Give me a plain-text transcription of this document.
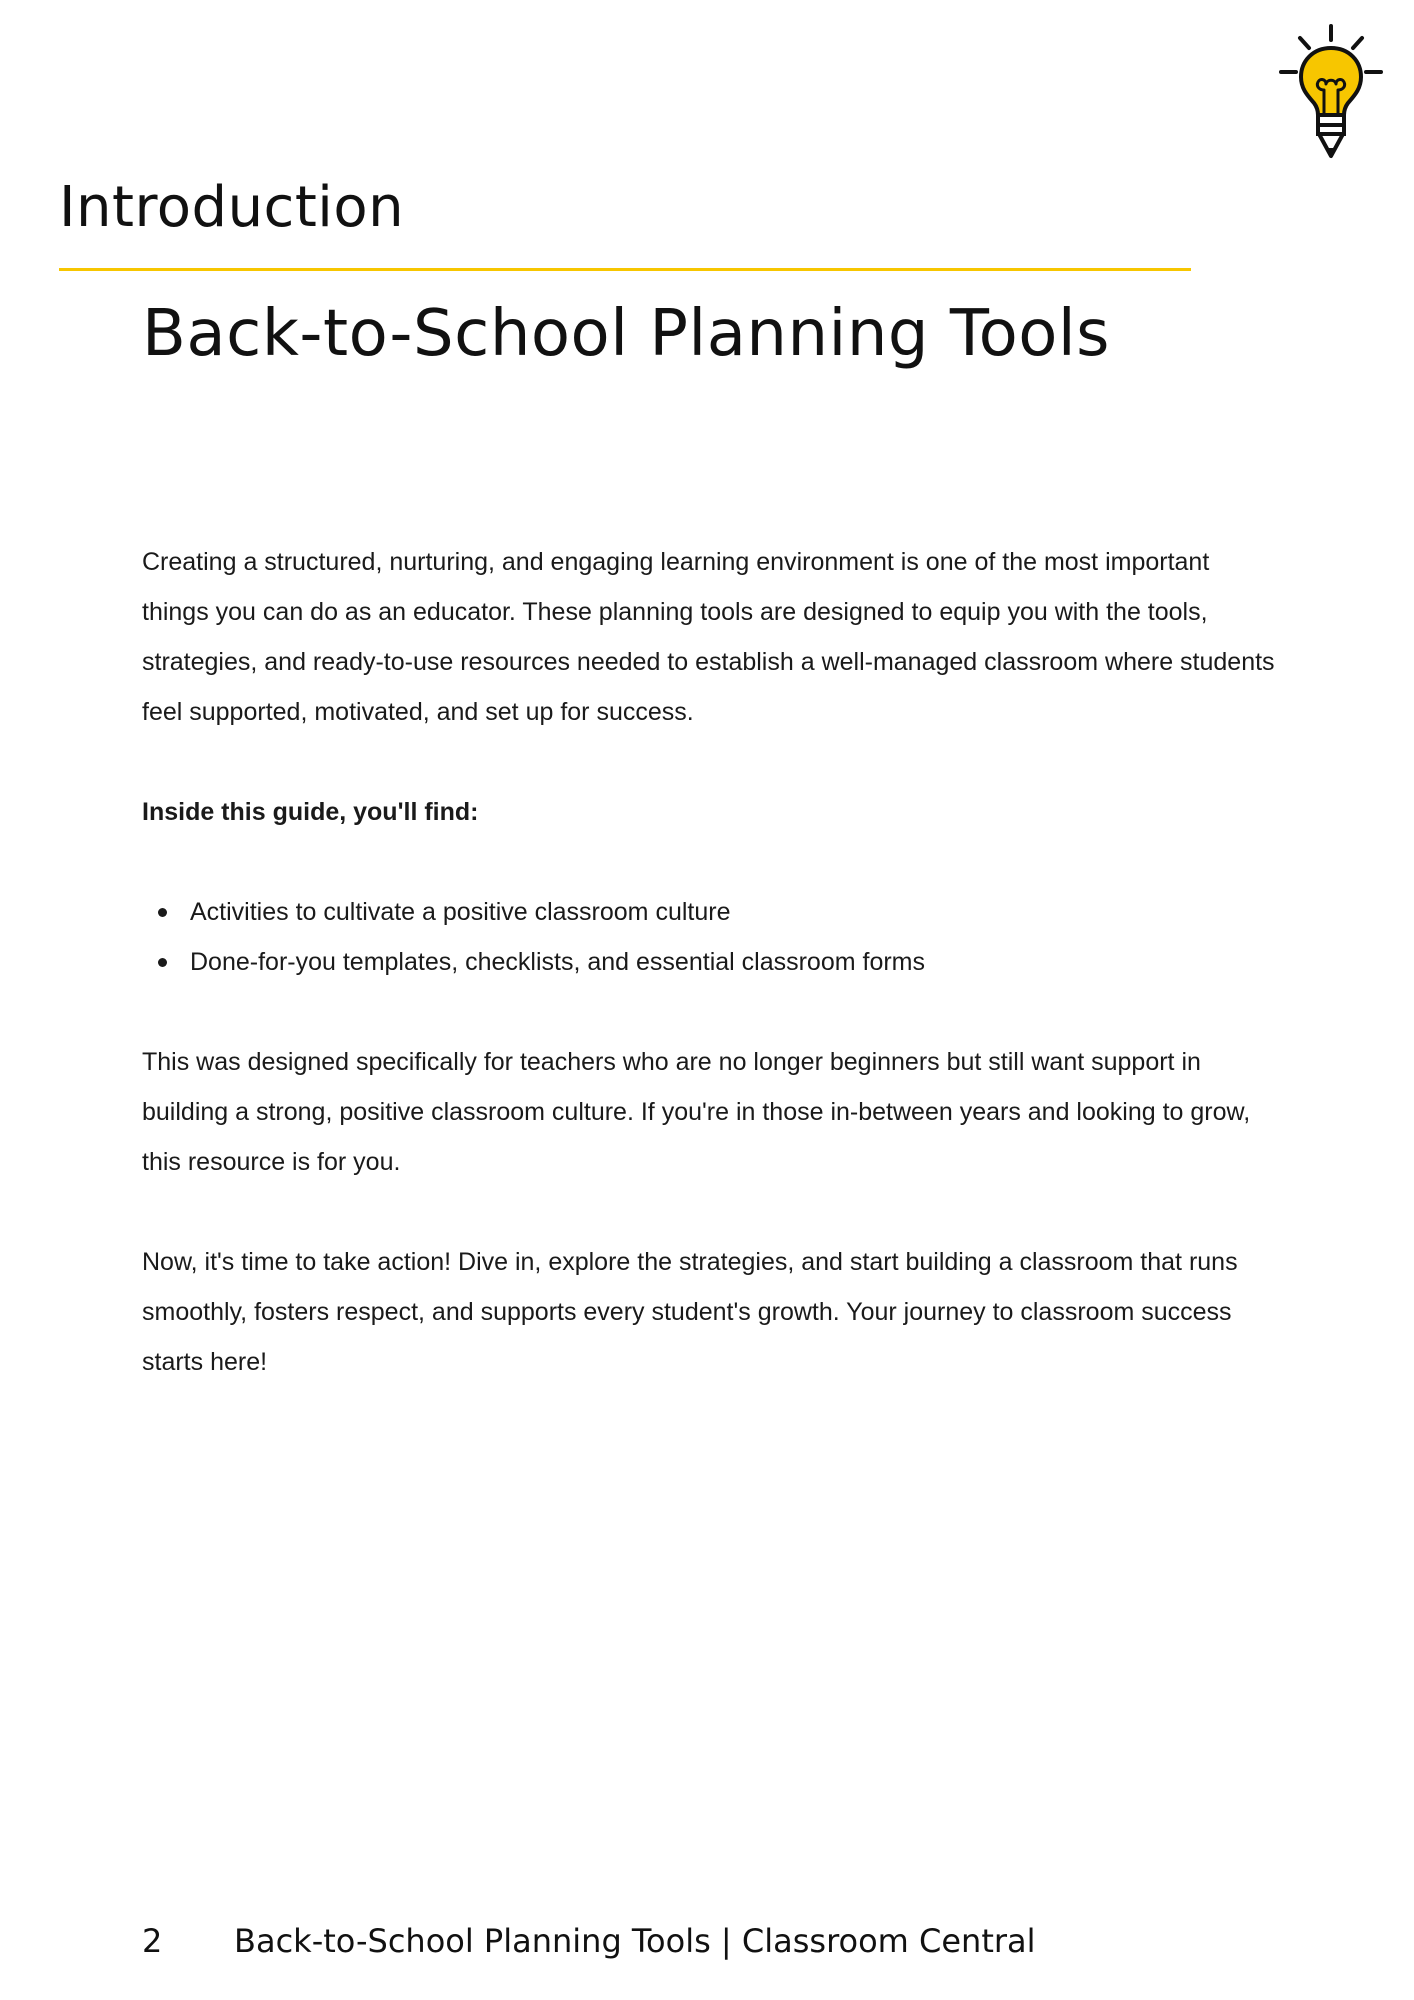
Introduction
Back-to-School Planning Tools

Creating a structured, nurturing, and engaging learning environment is one of the most important things you can do as an educator. These planning tools are designed to equip you with the tools, strategies, and ready-to-use resources needed to establish a well-managed classroom where students feel supported, motivated, and set up for success.

Inside this guide, you'll find:

Activities to cultivate a positive classroom culture
Done-for-you templates, checklists, and essential classroom forms

This was designed specifically for teachers who are no longer beginners but still want support in building a strong, positive classroom culture. If you're in those in-between years and looking to grow, this resource is for you.

Now, it's time to take action! Dive in, explore the strategies, and start building a classroom that runs smoothly, fosters respect, and supports every student's growth. Your journey to classroom success starts here!

2 Back-to-School Planning Tools | Classroom Central
